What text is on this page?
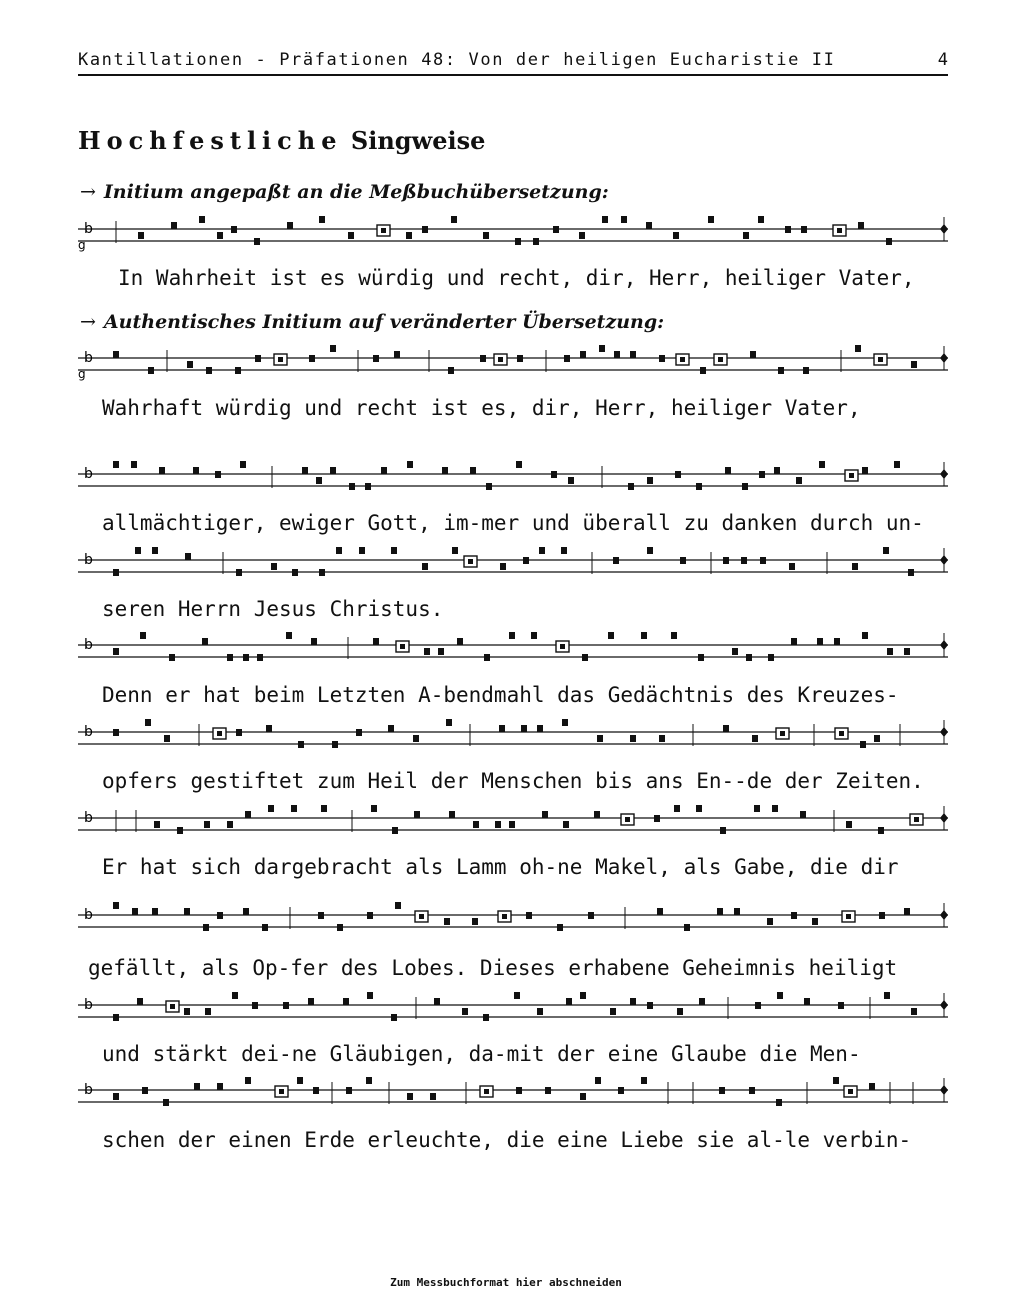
Kantillationen - Präfationen 48: Von der heiligen Eucharistie II	4
Hochfestliche Singweise
→ Initium angepaßt an die Meßbuchübersetzung:
→ Authentisches Initium auf veränderter Übersetzung:
In Wahrheit ist es würdig und recht, dir, Herr, heiliger Vater,
Wahrhaft würdig und recht ist es, dir, Herr, heiliger Vater,
allmächtiger, ewiger Gott, im-mer und überall zu danken durch un-
seren Herrn Jesus Christus.
Denn er hat beim Letzten A-bendmahl das Gedächtnis des Kreuzes-
opfers gestiftet zum Heil der Menschen bis ans En--de der Zeiten.
Er hat sich dargebracht als Lamm oh-ne Makel, als Gabe, die dir
gefällt, als Op-fer des Lobes. Dieses erhabene Geheimnis heiligt
und stärkt dei-ne Gläubigen, da-mit der eine Glaube die Men-
schen der einen Erde erleuchte, die eine Liebe sie al-le verbin-
b
g
b
g
b
b
b
b
b
b
b
b
Zum Messbuchformat hier abschneiden
